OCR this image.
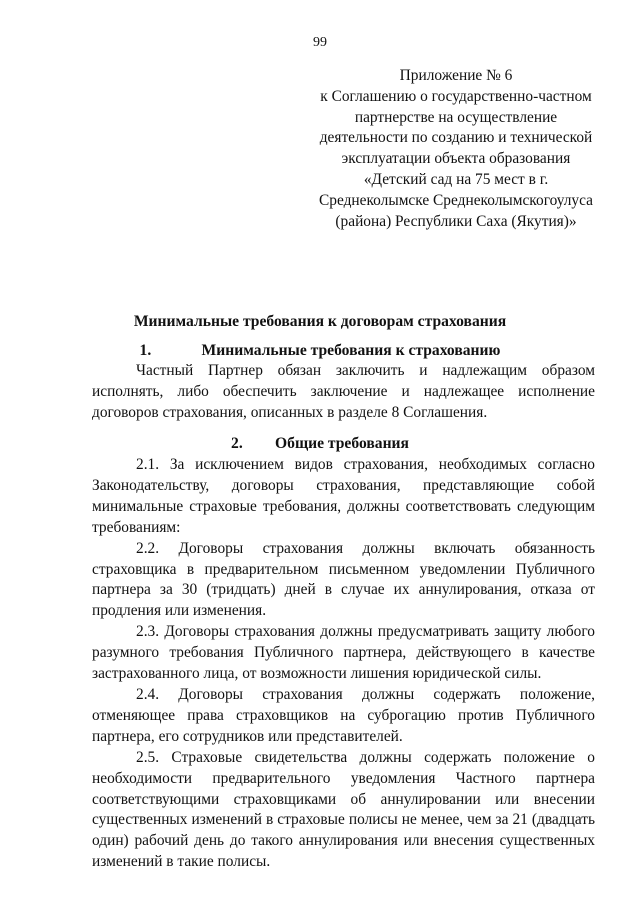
99
Приложение № 6
к Соглашению о государственно-частном
партнерстве на осуществление
деятельности по созданию и технической
эксплуатации объекта образования
«Детский сад на 75 мест в г.
Среднеколымске Среднеколымскогоулуса
(района) Республики Саха (Якутия)»
Минимальные требования к договорам страхования
1.	Минимальные требования к страхованию

Частный Партнер обязан заключить и надлежащим образом исполнять, либо обеспечить заключение и надлежащее исполнение договоров страхования, описанных в разделе 8 Соглашения.

2. Общие требования

2.1. За исключением видов страхования, необходимых согласно Законодательству, договоры страхования, представляющие собой минимальные страховые требования, должны соответствовать следующим требованиям:

2.2. Договоры страхования должны включать обязанность страховщика в предварительном письменном уведомлении Публичного партнера за 30 (тридцать) дней в случае их аннулирования, отказа от продления или изменения.

2.3. Договоры страхования должны предусматривать защиту любого разумного требования Публичного партнера, действующего в качестве застрахованного лица, от возможности лишения юридической силы.

2.4. Договоры страхования должны содержать положение, отменяющее права страховщиков на суброгацию против Публичного партнера, его сотрудников или представителей.

2.5. Страховые свидетельства должны содержать положение о необходимости предварительного уведомления Частного партнера соответствующими страховщиками об аннулировании или внесении существенных изменений в страховые полисы не менее, чем за 21 (двадцать один) рабочий день до такого аннулирования или внесения существенных изменений в такие полисы.
